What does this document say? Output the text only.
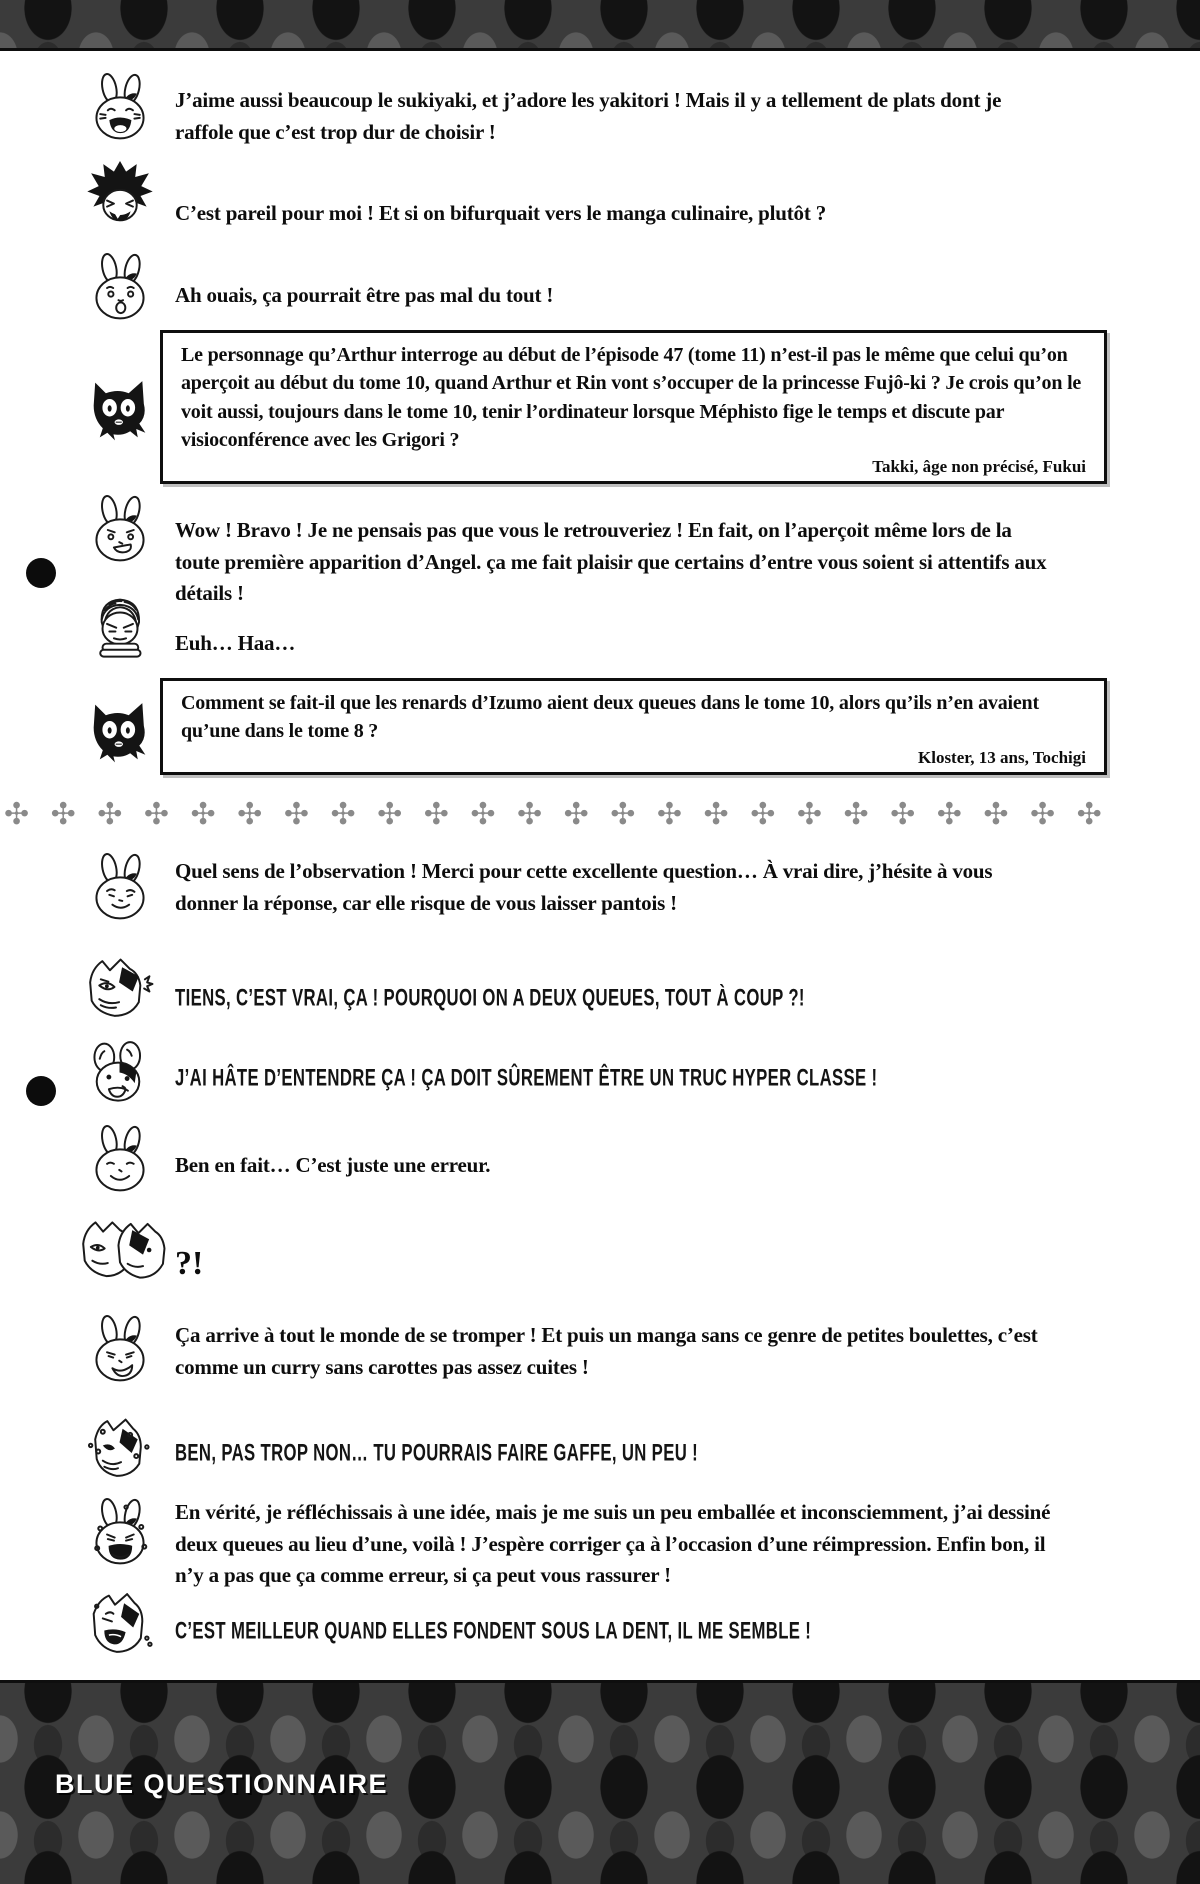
J’aime aussi beaucoup le sukiyaki, et j’adore les yakitori ! Mais il y a tellement de plats dont je raffole que c’est trop dur de choisir !
C’est pareil pour moi ! Et si on bifurquait vers le manga culinaire, plutôt ?
Ah ouais, ça pourrait être pas mal du tout !
Le personnage qu’Arthur interroge au début de l’épisode 47 (tome 11) n’est-il pas le même que celui qu’on aperçoit au début du tome 10, quand Arthur et Rin vont s’occuper de la princesse Fujô-ki ? Je crois qu’on le voit aussi, toujours dans le tome 10, tenir l’ordinateur lorsque Méphisto fige le temps et discute par visioconférence avec les Grigori ?
Takki, âge non précisé, Fukui
Wow ! Bravo ! Je ne pensais pas que vous le retrouveriez ! En fait, on l’aperçoit même lors de la toute première apparition d’Angel. ça me fait plaisir que certains d’entre vous soient si attentifs aux détails !
Euh… Haa…
Comment se fait-il que les renards d’Izumo aient deux queues dans le tome 10, alors qu’ils n’en avaient qu’une dans le tome 8 ?
Kloster, 13 ans, Tochigi
✣✣✣✣✣✣✣✣✣✣✣✣✣✣✣✣✣✣✣✣✣✣✣✣
Quel sens de l’observation ! Merci pour cette excellente question… À vrai dire, j’hésite à vous donner la réponse, car elle risque de vous laisser pantois !
TIENS, C’EST VRAI, ÇA ! POURQUOI ON A DEUX QUEUES, TOUT À COUP ?!
J’AI HÂTE D’ENTENDRE ÇA ! ÇA DOIT SÛREMENT ÊTRE UN TRUC HYPER CLASSE !
Ben en fait… C’est juste une erreur.
?!
Ça arrive à tout le monde de se tromper ! Et puis un manga sans ce genre de petites boulettes, c’est comme un curry sans carottes pas assez cuites !
BEN, PAS TROP NON… TU POURRAIS FAIRE GAFFE, UN PEU !
En vérité, je réfléchissais à une idée, mais je me suis un peu emballée et inconsciemment, j’ai dessiné deux queues au lieu d’une, voilà ! J’espère corriger ça à l’occasion d’une réimpression. Enfin bon, il n’y a pas que ça comme erreur, si ça peut vous rassurer !
C’EST MEILLEUR QUAND ELLES FONDENT SOUS LA DENT, IL ME SEMBLE !
BLUE QUESTIONNAIRE
